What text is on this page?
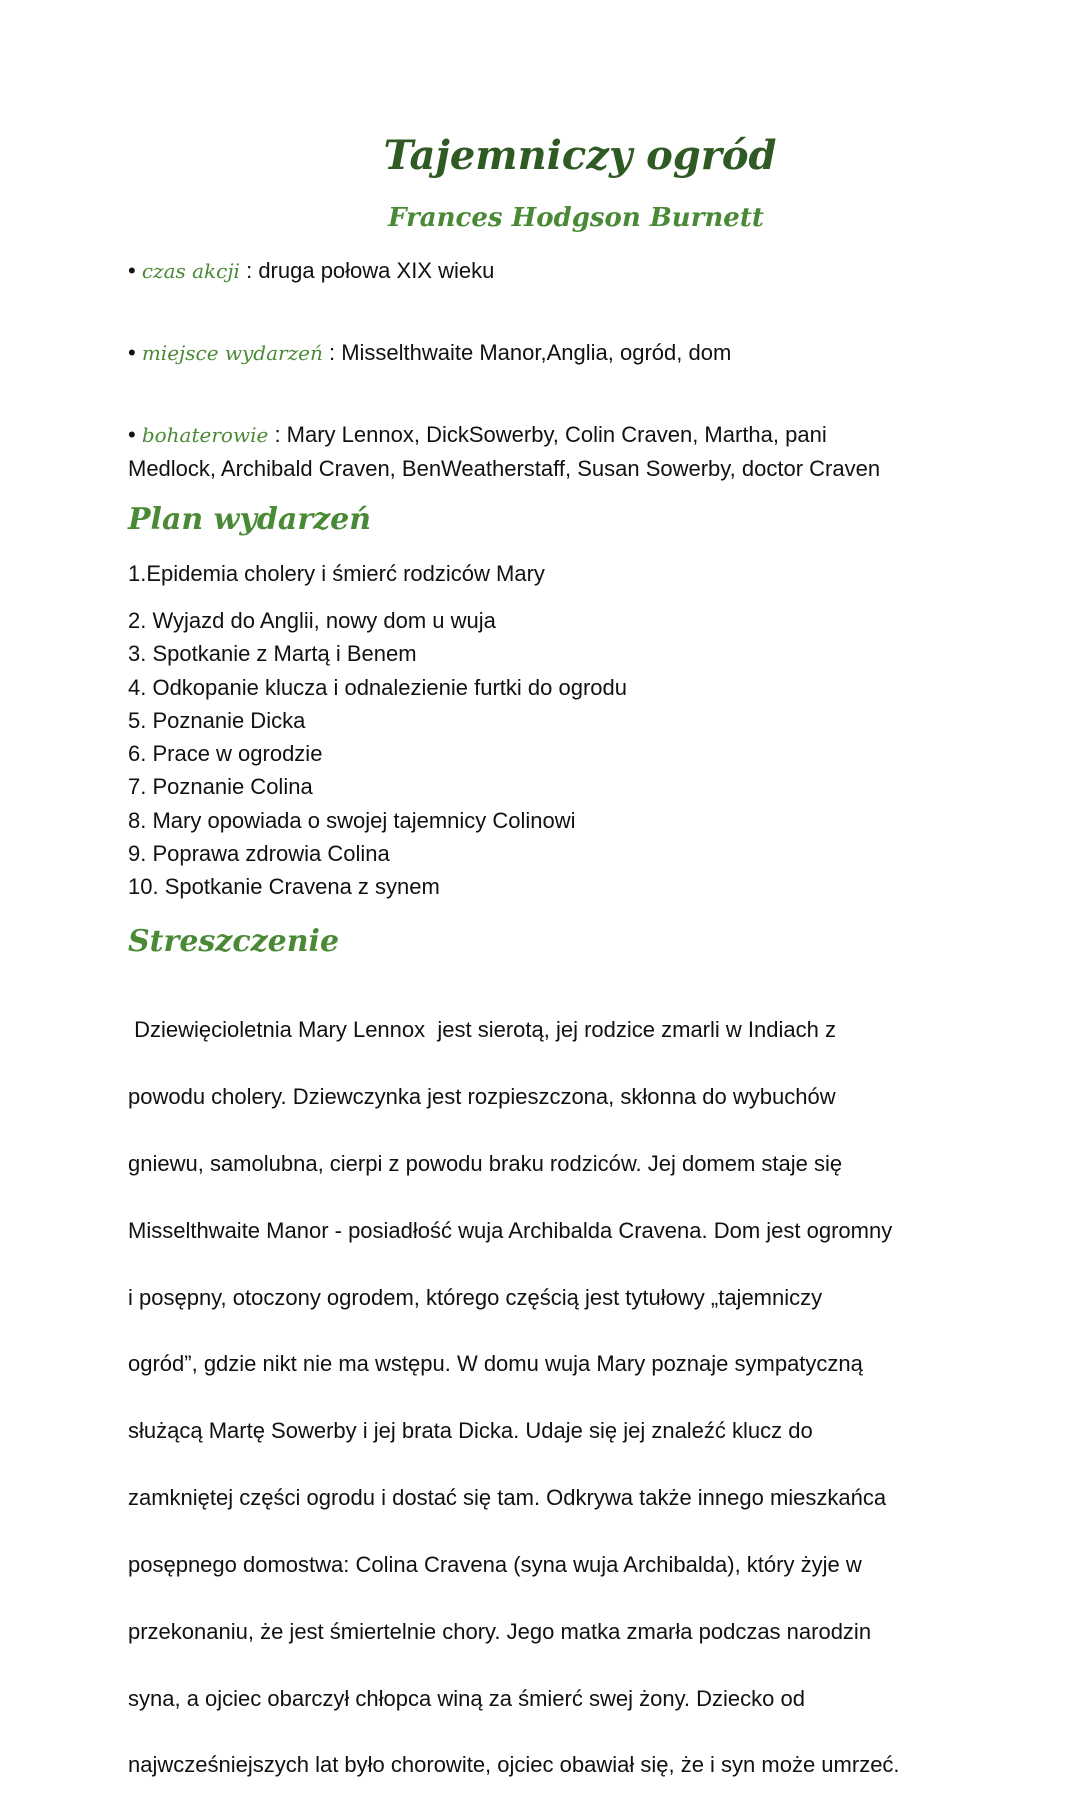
Tajemniczy ogród
Frances Hodgson Burnett

• czas akcji : druga połowa XIX wieku

• miejsce wydarzeń : Misselthwaite Manor,Anglia, ogród, dom

• bohaterowie : Mary Lennox, DickSowerby, Colin Craven, Martha, pani
Medlock, Archibald Craven, BenWeatherstaff, Susan Sowerby, doctor Craven

Plan wydarzeń
1.Epidemia cholery i śmierć rodziców Mary
2. Wyjazd do Anglii, nowy dom u wuja
3. Spotkanie z Martą i Benem
4. Odkopanie klucza i odnalezienie furtki do ogrodu
5. Poznanie Dicka
6. Prace w ogrodzie
7. Poznanie Colina
8. Mary opowiada o swojej tajemnicy Colinowi
9. Poprawa zdrowia Colina
10. Spotkanie Cravena z synem
Streszczenie

Dziewięcioletnia Mary Lennox  jest sierotą, jej rodzice zmarli w Indiach z

powodu cholery. Dziewczynka jest rozpieszczona, skłonna do wybuchów

gniewu, samolubna, cierpi z powodu braku rodziców. Jej domem staje się

Misselthwaite Manor - posiadłość wuja Archibalda Cravena. Dom jest ogromny

i posępny, otoczony ogrodem, którego częścią jest tytułowy „tajemniczy

ogród”, gdzie nikt nie ma wstępu. W domu wuja Mary poznaje sympatyczną

służącą Martę Sowerby i jej brata Dicka. Udaje się jej znaleźć klucz do

zamkniętej części ogrodu i dostać się tam. Odkrywa także innego mieszkańca

posępnego domostwa: Colina Cravena (syna wuja Archibalda), który żyje w

przekonaniu, że jest śmiertelnie chory. Jego matka zmarła podczas narodzin

syna, a ojciec obarczył chłopca winą za śmierć swej żony. Dziecko od

najwcześniejszych lat było chorowite, ojciec obawiał się, że i syn może umrzeć.
